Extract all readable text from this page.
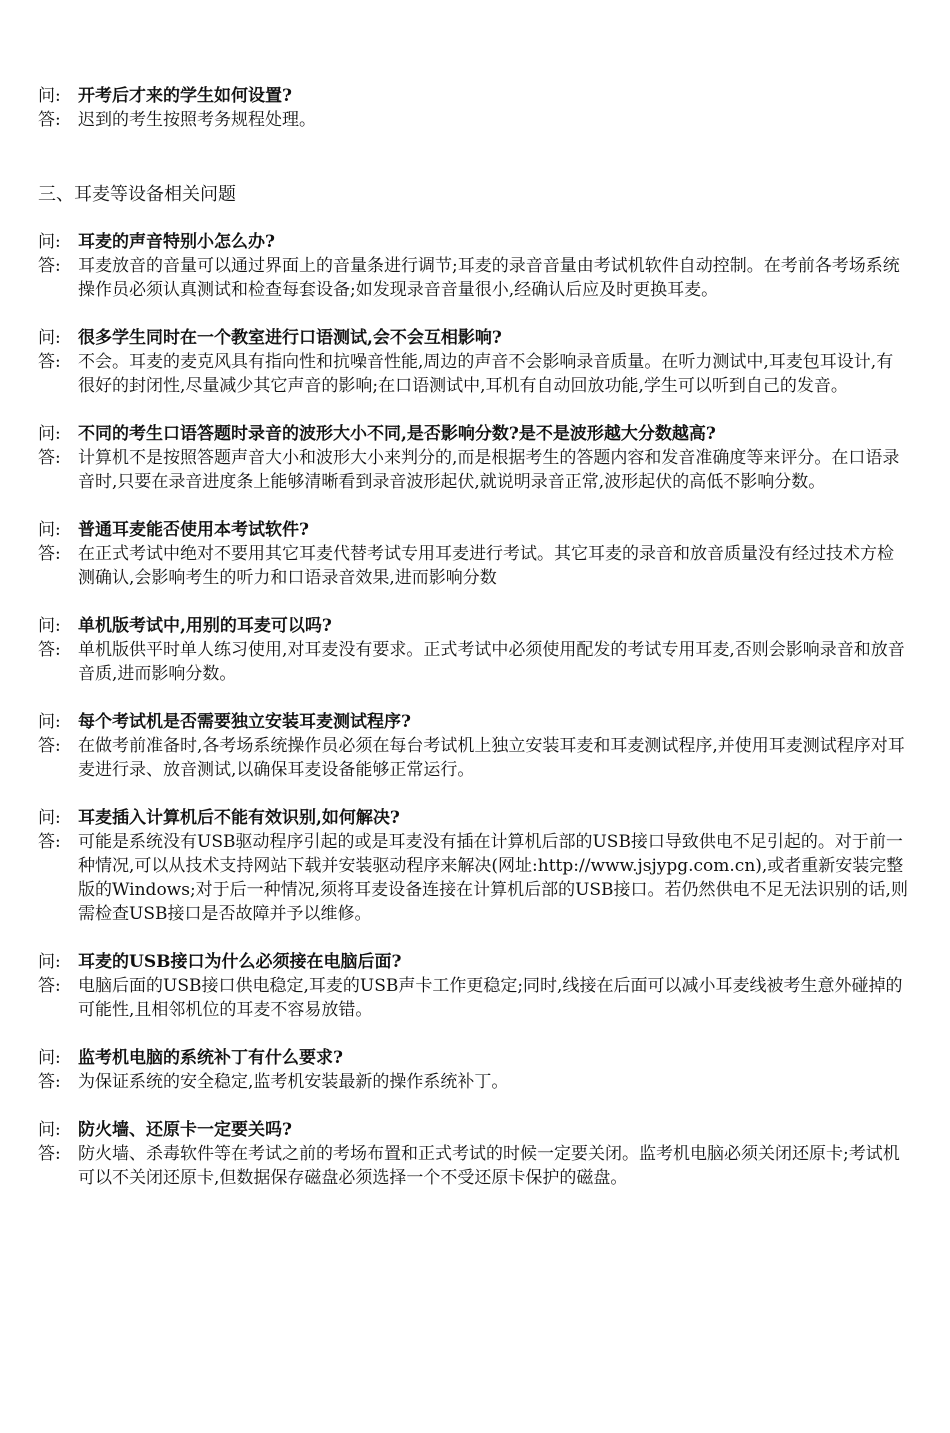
问:	开考后才来的学生如何设置?
答:	迟到的考生按照考务规程处理。
三、耳麦等设备相关问题
问:	耳麦的声音特别小怎么办?
答:	耳麦放音的音量可以通过界面上的音量条进行调节;耳麦的录音音量由考试机软件自动控制。在考前各考场系统操作员必须认真测试和检查每套设备;如发现录音音量很小,经确认后应及时更换耳麦。
问:	很多学生同时在一个教室进行口语测试,会不会互相影响?
答:	不会。耳麦的麦克风具有指向性和抗噪音性能,周边的声音不会影响录音质量。在听力测试中,耳麦包耳设计,有很好的封闭性,尽量减少其它声音的影响;在口语测试中,耳机有自动回放功能,学生可以听到自己的发音。
问:	不同的考生口语答题时录音的波形大小不同,是否影响分数?是不是波形越大分数越高?
答:	计算机不是按照答题声音大小和波形大小来判分的,而是根据考生的答题内容和发音准确度等来评分。在口语录音时,只要在录音进度条上能够清晰看到录音波形起伏,就说明录音正常,波形起伏的高低不影响分数。
问:	普通耳麦能否使用本考试软件?
答:	在正式考试中绝对不要用其它耳麦代替考试专用耳麦进行考试。其它耳麦的录音和放音质量没有经过技术方检测确认,会影响考生的听力和口语录音效果,进而影响分数
问:	单机版考试中,用别的耳麦可以吗?
答:	单机版供平时单人练习使用,对耳麦没有要求。正式考试中必须使用配发的考试专用耳麦,否则会影响录音和放音音质,进而影响分数。
问:	每个考试机是否需要独立安装耳麦测试程序?
答:	在做考前准备时,各考场系统操作员必须在每台考试机上独立安装耳麦和耳麦测试程序,并使用耳麦测试程序对耳麦进行录、放音测试,以确保耳麦设备能够正常运行。
问:	耳麦插入计算机后不能有效识别,如何解决?
答:	可能是系统没有USB驱动程序引起的或是耳麦没有插在计算机后部的USB接口导致供电不足引起的。对于前一种情况,可以从技术支持网站下载并安装驱动程序来解决(网址:http://www.jsjypg.com.cn),或者重新安装完整版的Windows;对于后一种情况,须将耳麦设备连接在计算机后部的USB接口。若仍然供电不足无法识别的话,则需检查USB接口是否故障并予以维修。
问:	耳麦的USB接口为什么必须接在电脑后面?
答:	电脑后面的USB接口供电稳定,耳麦的USB声卡工作更稳定;同时,线接在后面可以减小耳麦线被考生意外碰掉的可能性,且相邻机位的耳麦不容易放错。
问:	监考机电脑的系统补丁有什么要求?
答:	为保证系统的安全稳定,监考机安装最新的操作系统补丁。
问:	防火墙、还原卡一定要关吗?
答:	防火墙、杀毒软件等在考试之前的考场布置和正式考试的时候一定要关闭。监考机电脑必须关闭还原卡;考试机可以不关闭还原卡,但数据保存磁盘必须选择一个不受还原卡保护的磁盘。
